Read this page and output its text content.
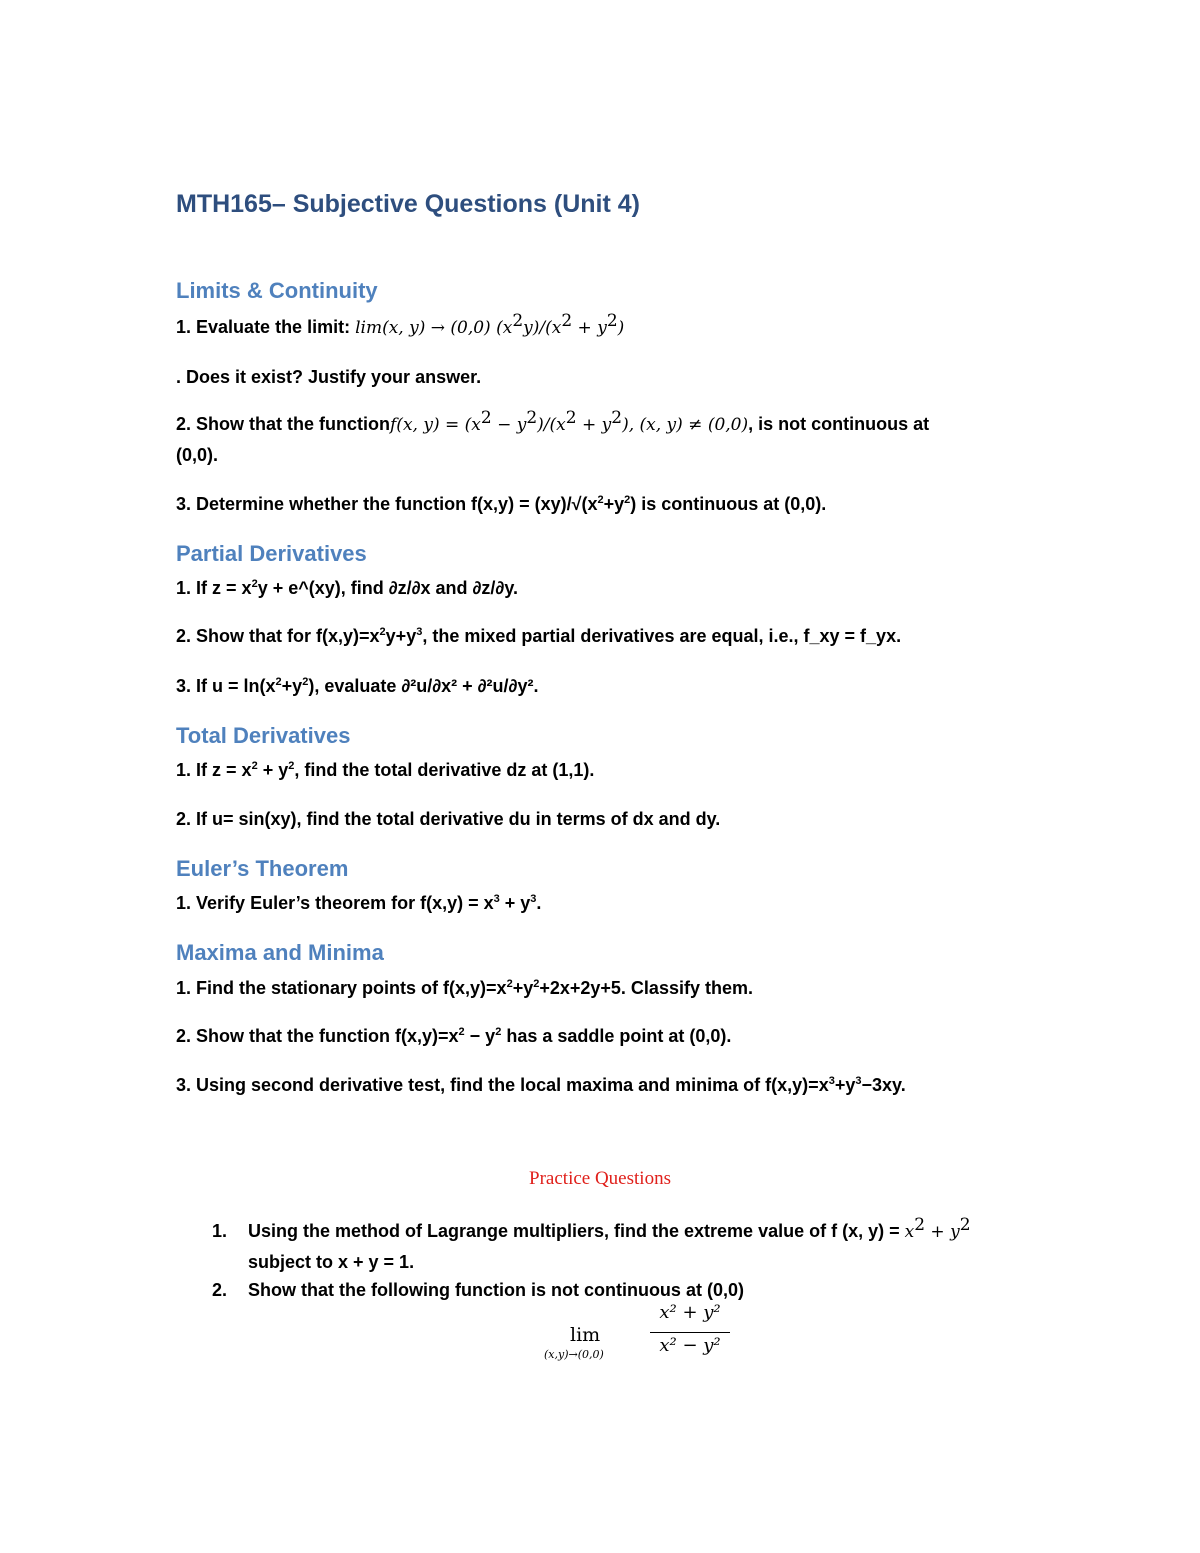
MTH165– Subjective Questions (Unit 4)
Limits & Continuity

1. Evaluate the limit: lim(x, y) → (0,0) $(x^2y)/(x^2 + y^2)$

. Does it exist? Justify your answer.

2. Show that the functionf(x, $y) = (x^2 - y^2)/(x^2 + y^2)$, (x, y) ≠ (0,0), is not continuous at

(0,0).

3. Determine whether the function $f(x,y) = (xy)/√(x^2+y^2)$ is continuous at (0,0).

Partial Derivatives

1. If $z = x^2y$ + e^(xy), find ∂z/∂x and ∂z/∂y.

2. Show that for $f(x,y)=x^2y+y^3$, the mixed partial derivatives are equal, i.e., f_xy = f_yx.

3. If $u = \ln(x^2+y^2)$, evaluate ∂²u/∂x² + ∂²u/∂y².

Total Derivatives

1. If $z = x^2 + y^2$, find the total derivative dz at (1,1).

2. If u= sin(xy), find the total derivative du in terms of dx and dy.

Euler’s Theorem

1. Verify Euler’s theorem for $f(x,y) = x^3 + y^3$.

Maxima and Minima

1. Find the stationary points of $f(x,y)=x^2+y^2+2x+2y+5$. Classify them.

2. Show that the function $f(x,y)=x^2 - y^2$ has a saddle point at (0,0).

3. Using second derivative test, find the local maxima and minima of $f(x,y)=x^3+y^3-3xy$.

Practice Questions

1. Using the method of Lagrange multipliers, find the extreme value of f (x, $y) = x^2 + y^2$
subject to x + y = 1.
2. Show that the following function is not continuous at (0,0)
lim
(x,y)→(0,0)
x² + y²
x² − y²
